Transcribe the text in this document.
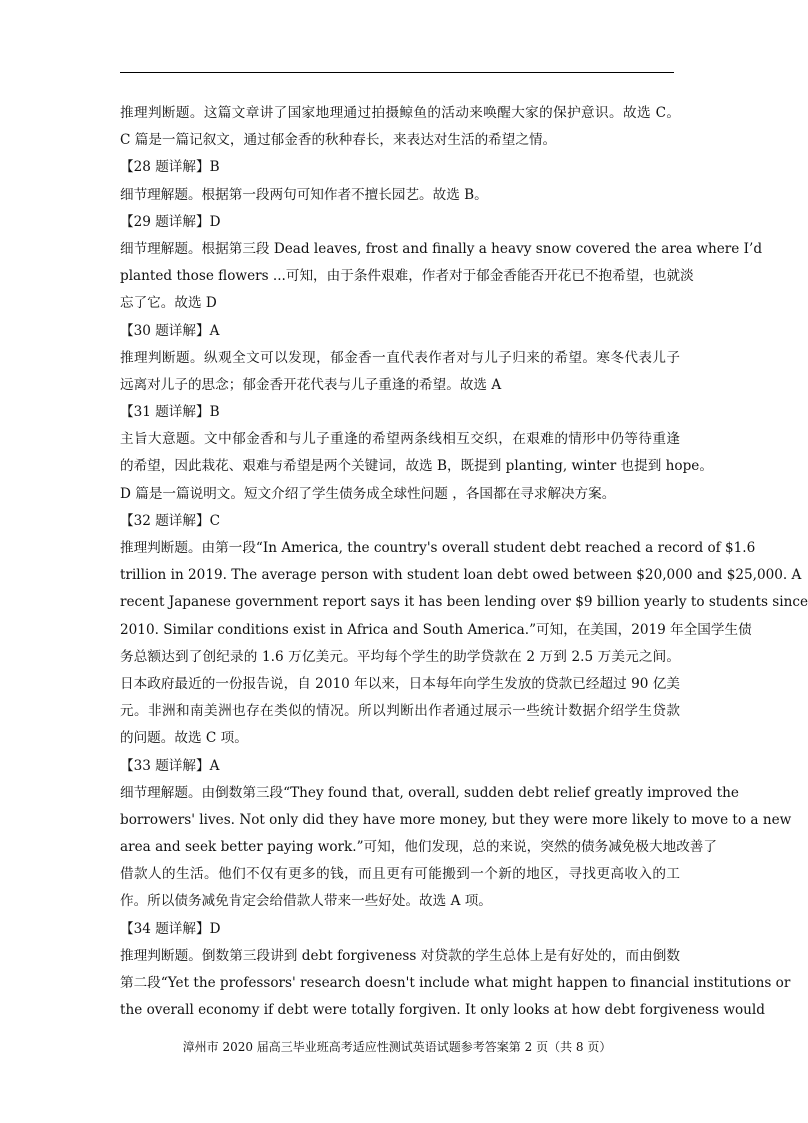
推理判断题。这篇文章讲了国家地理通过拍摄鲸鱼的活动来唤醒大家的保护意识。故选 C。
C 篇是一篇记叙文，通过郁金香的秋种春长，来表达对生活的希望之情。
【28 题详解】B
细节理解题。根据第一段两句可知作者不擅长园艺。故选 B。
【29 题详解】D
细节理解题。根据第三段 Dead leaves, frost and finally a heavy snow covered the area where I’d
planted those flowers ...可知，由于条件艰难，作者对于郁金香能否开花已不抱希望，也就淡
忘了它。故选 D
【30 题详解】A
推理判断题。纵观全文可以发现，郁金香一直代表作者对与儿子归来的希望。寒冬代表儿子
远离对儿子的思念；郁金香开花代表与儿子重逢的希望。故选 A
【31 题详解】B
主旨大意题。文中郁金香和与儿子重逢的希望两条线相互交织，在艰难的情形中仍等待重逢
的希望，因此栽花、艰难与希望是两个关键词，故选 B，既提到 planting, winter 也提到 hope。
D 篇是一篇说明文。短文介绍了学生债务成全球性问题 ，各国都在寻求解决方案。
【32 题详解】C
推理判断题。由第一段“In America, the country's overall student debt reached a record of $1.6
trillion in 2019. The average person with student loan debt owed between $20,000 and $25,000. A
recent Japanese government report says it has been lending over $9 billion yearly to students since
2010. Similar conditions exist in Africa and South America.”可知，在美国，2019 年全国学生债
务总额达到了创纪录的 1.6 万亿美元。平均每个学生的助学贷款在 2 万到 2.5 万美元之间。
日本政府最近的一份报告说，自 2010 年以来，日本每年向学生发放的贷款已经超过 90 亿美
元。非洲和南美洲也存在类似的情况。所以判断出作者通过展示一些统计数据介绍学生贷款
的问题。故选 C 项。
【33 题详解】A
细节理解题。由倒数第三段“They found that, overall, sudden debt relief greatly improved the
borrowers' lives. Not only did they have more money, but they were more likely to move to a new
area and seek better paying work.”可知，他们发现，总的来说，突然的债务减免极大地改善了
借款人的生活。他们不仅有更多的钱，而且更有可能搬到一个新的地区，寻找更高收入的工
作。所以债务减免肯定会给借款人带来一些好处。故选 A 项。
【34 题详解】D
推理判断题。倒数第三段讲到 debt forgiveness 对贷款的学生总体上是有好处的，而由倒数
第二段“Yet the professors' research doesn't include what might happen to financial institutions or
the overall economy if debt were totally forgiven. It only looks at how debt forgiveness would
漳州市 2020 届高三毕业班高考适应性测试英语试题参考答案第 2 页（共 8 页）
